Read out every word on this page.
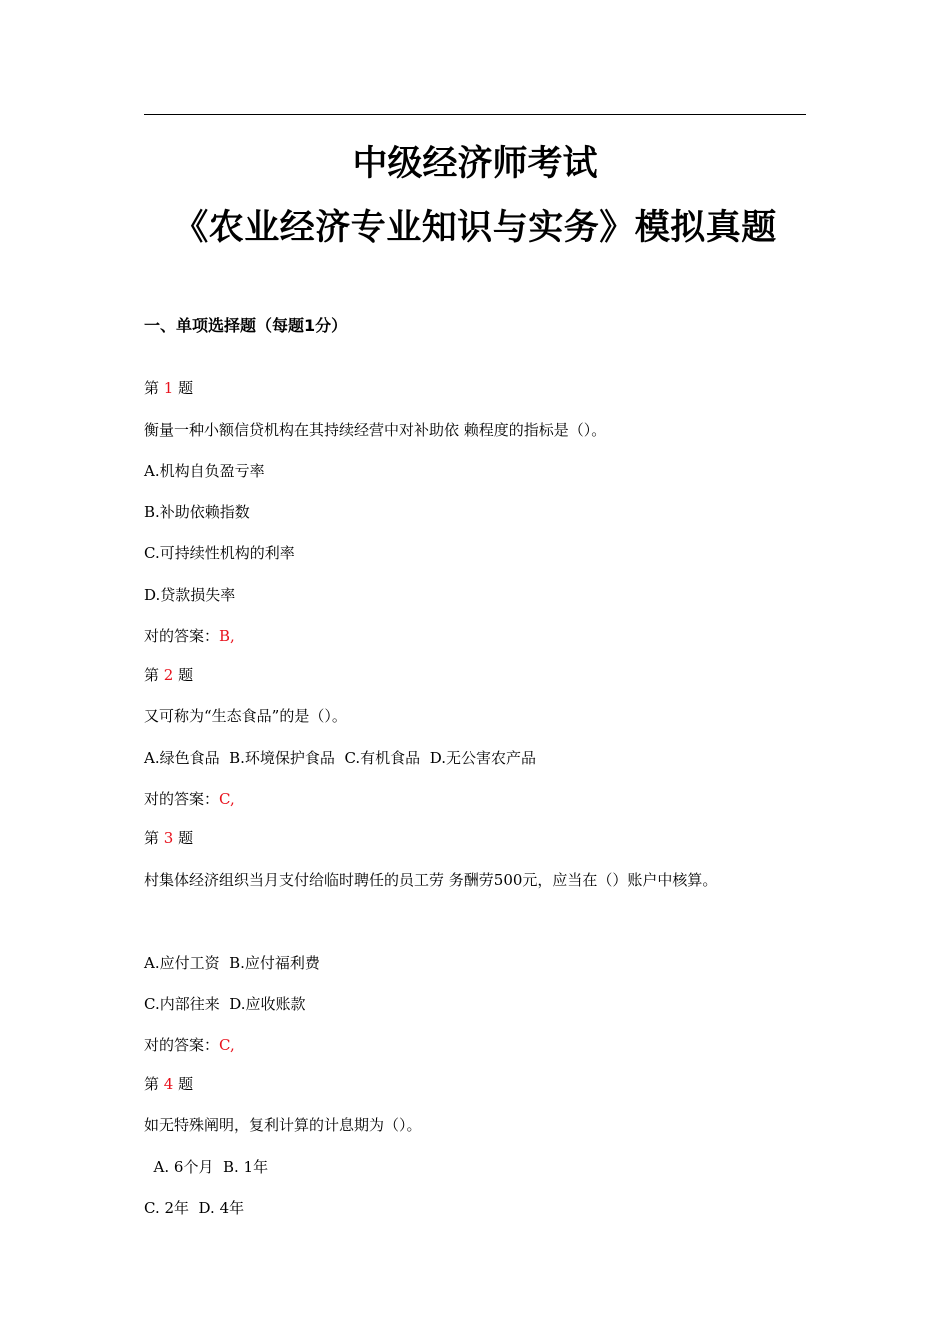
中级经济师考试
《农业经济专业知识与实务》模拟真题
一、单项选择题（每题1分）
第 1 题
衡量一种小额信贷机构在其持续经营中对补助依 赖程度的指标是（）。
A.机构自负盈亏率
B.补助依赖指数
C.可持续性机构的利率
D.贷款损失率
对的答案：B,
第 2 题
又可称为“生态食品”的是（）。
A.绿色食品  B.环境保护食品  C.有机食品  D.无公害农产品
对的答案：C,
第 3 题
村集体经济组织当月支付给临时聘任的员工劳 务酬劳500元，应当在（）账户中核算。
A.应付工资  B.应付福利费
C.内部往来  D.应收账款
对的答案：C,
第 4 题
如无特殊阐明，复利计算的计息期为（）。
A. 6个月  B. 1年
C. 2年  D. 4年
